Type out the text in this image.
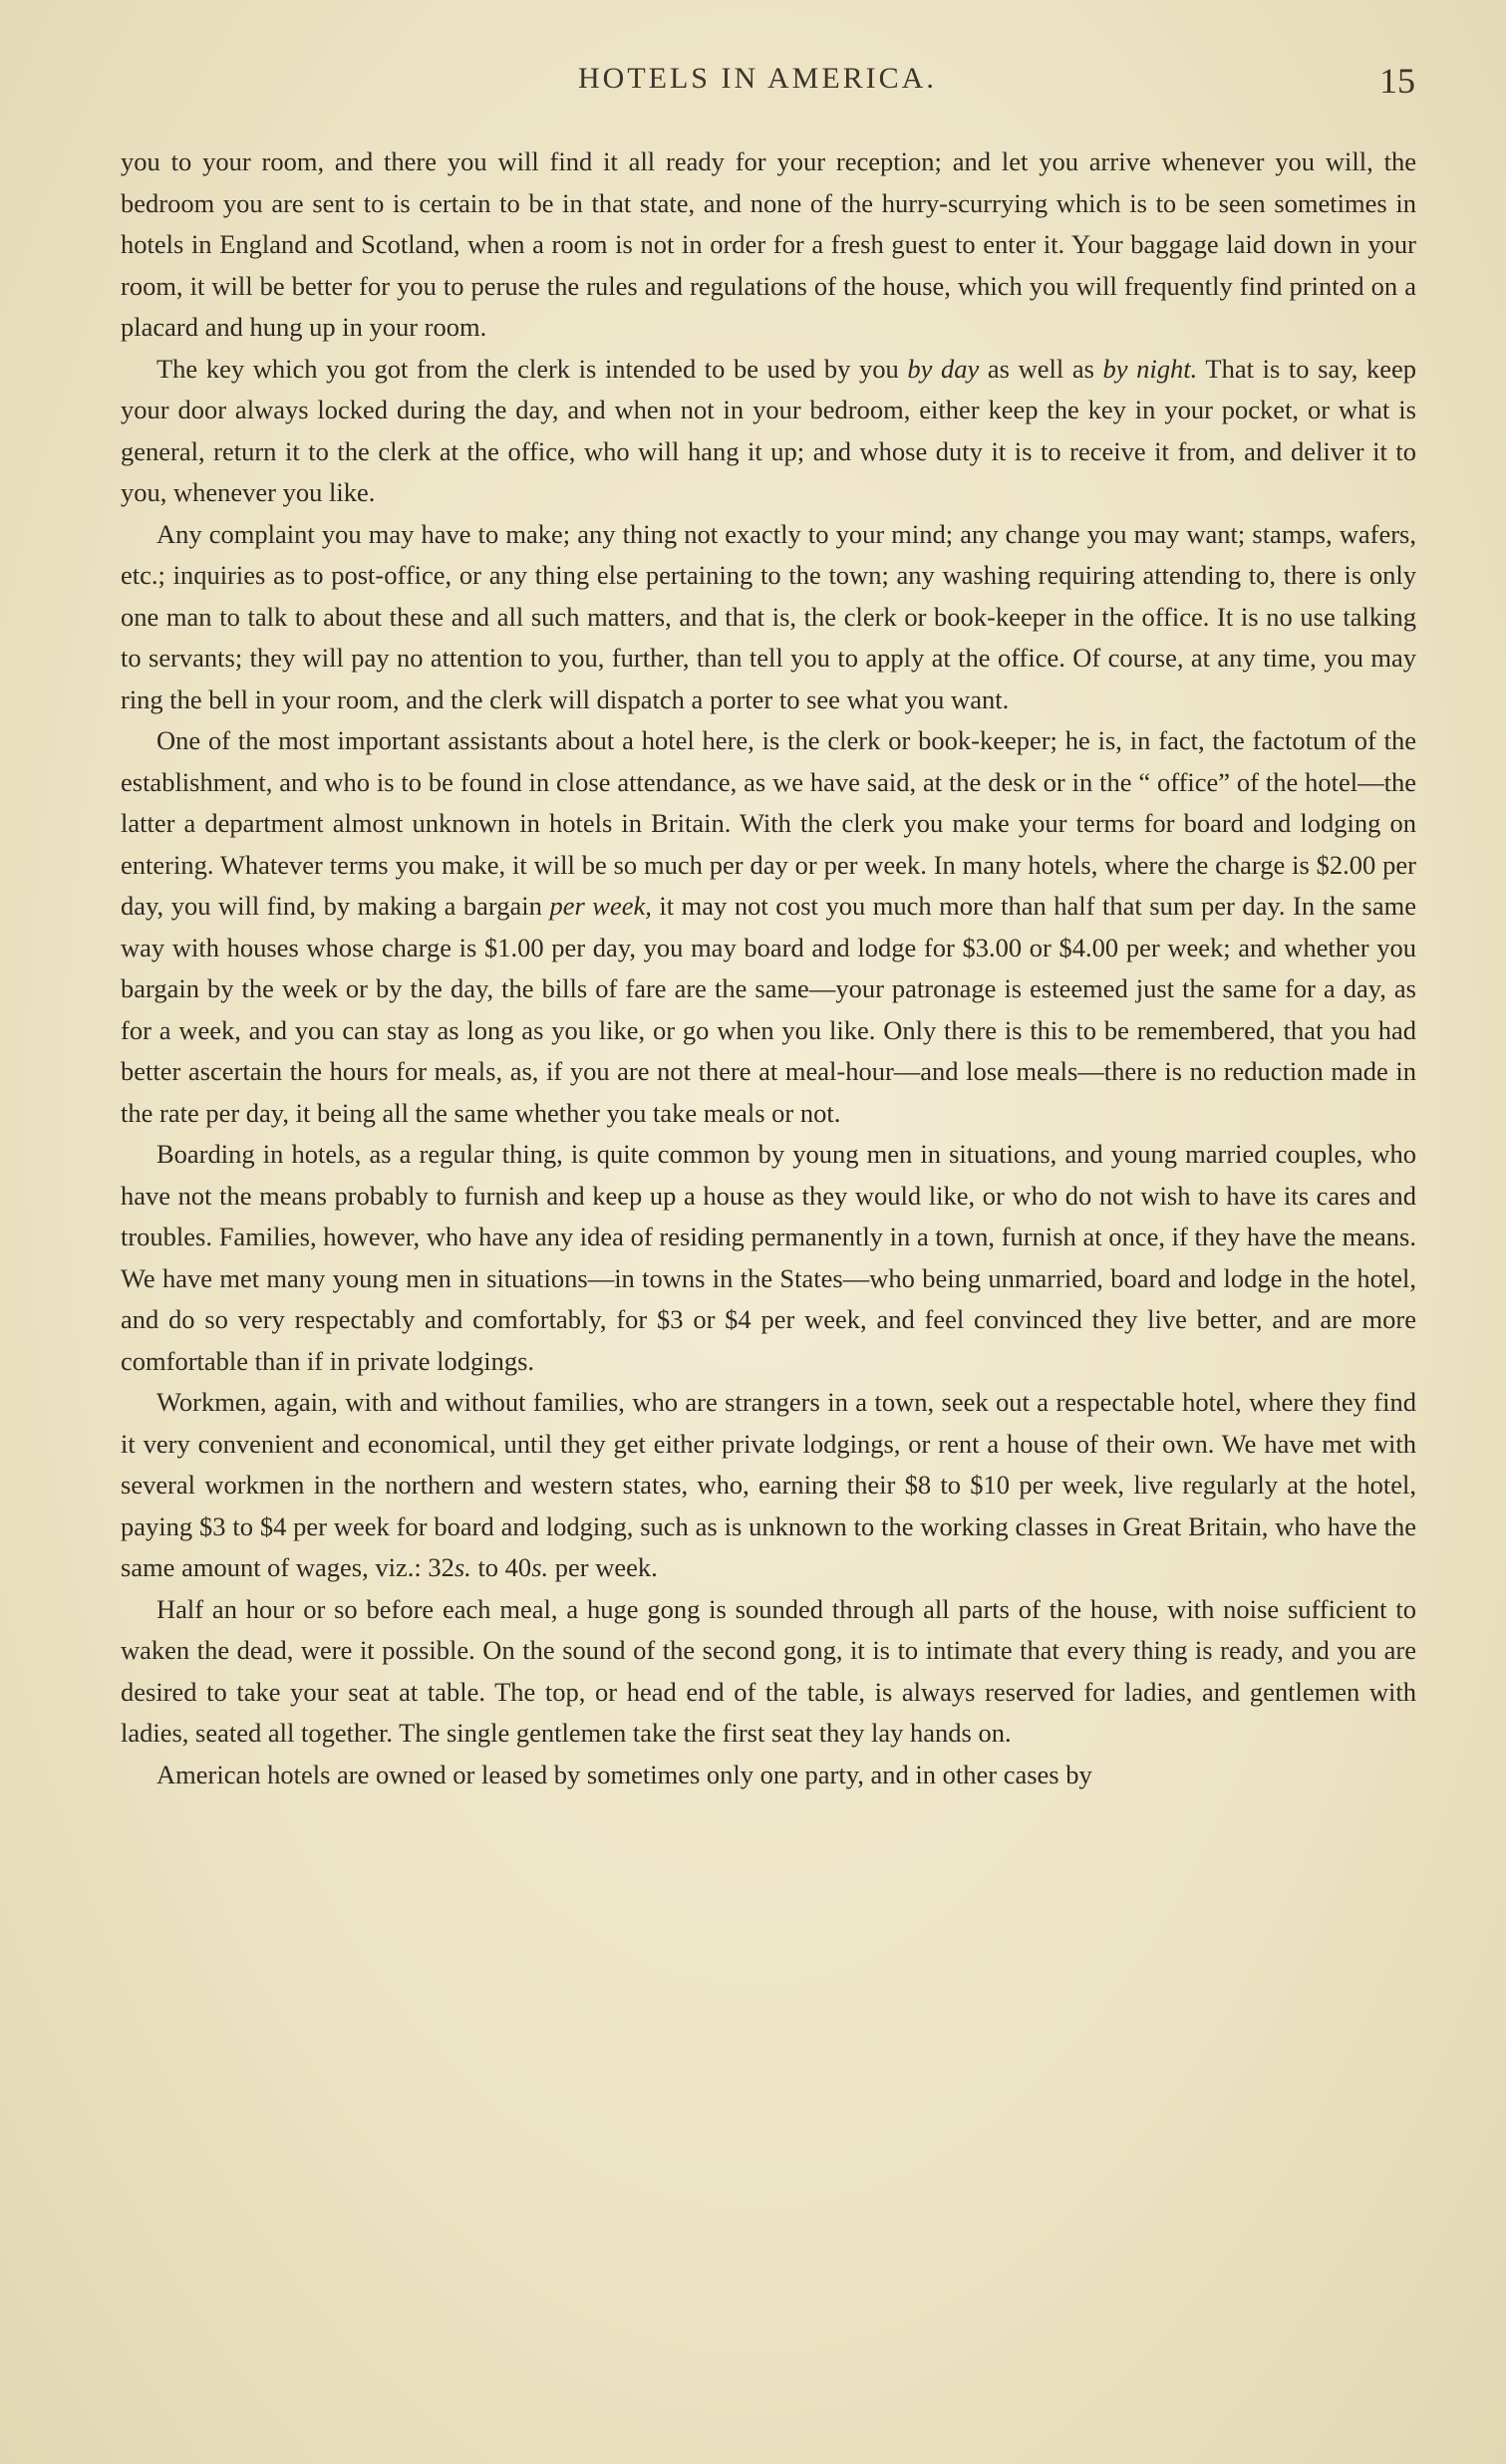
HOTELS IN AMERICA.	15

you to your room, and there you will find it all ready for your reception; and let you arrive whenever you will, the bedroom you are sent to is certain to be in that state, and none of the hurry-scurrying which is to be seen sometimes in hotels in England and Scotland, when a room is not in order for a fresh guest to enter it. Your baggage laid down in your room, it will be better for you to peruse the rules and regulations of the house, which you will frequently find printed on a placard and hung up in your room.

The key which you got from the clerk is intended to be used by you by day as well as by night. That is to say, keep your door always locked during the day, and when not in your bedroom, either keep the key in your pocket, or what is general, return it to the clerk at the office, who will hang it up; and whose duty it is to receive it from, and deliver it to you, whenever you like.

Any complaint you may have to make; any thing not exactly to your mind; any change you may want; stamps, wafers, etc.; inquiries as to post-office, or any thing else pertaining to the town; any washing requiring attending to, there is only one man to talk to about these and all such matters, and that is, the clerk or book-keeper in the office. It is no use talking to servants; they will pay no attention to you, further, than tell you to apply at the office. Of course, at any time, you may ring the bell in your room, and the clerk will dispatch a porter to see what you want.

One of the most important assistants about a hotel here, is the clerk or book-keeper; he is, in fact, the factotum of the establishment, and who is to be found in close attendance, as we have said, at the desk or in the “ office” of the hotel—the latter a department almost unknown in hotels in Britain. With the clerk you make your terms for board and lodging on entering. Whatever terms you make, it will be so much per day or per week. In many hotels, where the charge is $2.00 per day, you will find, by making a bargain per week, it may not cost you much more than half that sum per day. In the same way with houses whose charge is $1.00 per day, you may board and lodge for $3.00 or $4.00 per week; and whether you bargain by the week or by the day, the bills of fare are the same—your patronage is esteemed just the same for a day, as for a week, and you can stay as long as you like, or go when you like. Only there is this to be remembered, that you had better ascertain the hours for meals, as, if you are not there at meal-hour—and lose meals—there is no reduction made in the rate per day, it being all the same whether you take meals or not.

Boarding in hotels, as a regular thing, is quite common by young men in situations, and young married couples, who have not the means probably to furnish and keep up a house as they would like, or who do not wish to have its cares and troubles. Families, however, who have any idea of residing permanently in a town, furnish at once, if they have the means. We have met many young men in situations—in towns in the States—who being unmarried, board and lodge in the hotel, and do so very respectably and comfortably, for $3 or $4 per week, and feel convinced they live better, and are more comfortable than if in private lodgings.

Workmen, again, with and without families, who are strangers in a town, seek out a respectable hotel, where they find it very convenient and economical, until they get either private lodgings, or rent a house of their own. We have met with several workmen in the northern and western states, who, earning their $8 to $10 per week, live regularly at the hotel, paying $3 to $4 per week for board and lodging, such as is unknown to the working classes in Great Britain, who have the same amount of wages, viz.: 32s. to 40s. per week.

Half an hour or so before each meal, a huge gong is sounded through all parts of the house, with noise sufficient to waken the dead, were it possible. On the sound of the second gong, it is to intimate that every thing is ready, and you are desired to take your seat at table. The top, or head end of the table, is always reserved for ladies, and gentlemen with ladies, seated all together. The single gentlemen take the first seat they lay hands on.

American hotels are owned or leased by sometimes only one party, and in other cases by
